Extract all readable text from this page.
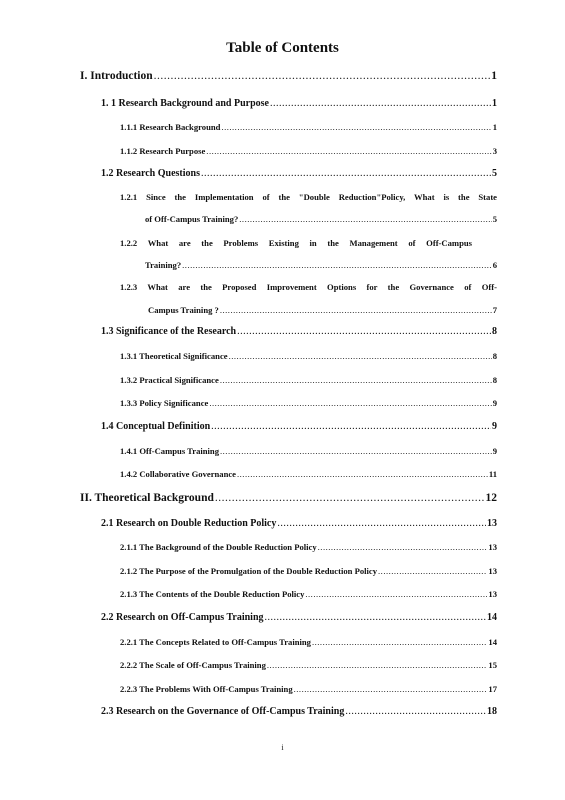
Table of Contents
I. Introduction .....	1
1. 1 Research Background and Purpose .....	1
1.1.1 Research Background .....	1
1.1.2 Research Purpose .....	3
1.2 Research Questions .....	5
1.2.1 Since the Implementation of the "Double Reduction"Policy, What is the State
of Off-Campus Training? .....	5
1.2.2 What are the Problems Existing in the Management of Off-Campus
Training? .....	6
1.2.3 What are the Proposed Improvement Options for the Governance of Off-
Campus Training ? .....	7
1.3 Significance of the Research .....	8
1.3.1 Theoretical Significance .....	8
1.3.2 Practical Significance .....	8
1.3.3 Policy Significance .....	9
1.4 Conceptual Definition .....	9
1.4.1 Off-Campus Training .....	9
1.4.2 Collaborative Governance .....	11
II. Theoretical Background .....	12
2.1 Research on Double Reduction Policy .....	13
2.1.1 The Background of the Double Reduction Policy .....	13
2.1.2 The Purpose of the Promulgation of the Double Reduction Policy .....	13
2.1.3 The Contents of the Double Reduction Policy .....	13
2.2 Research on Off-Campus Training .....	14
2.2.1 The Concepts Related to Off-Campus Training .....	14
2.2.2 The Scale of Off-Campus Training .....	15
2.2.3 The Problems With Off-Campus Training .....	17
2.3 Research on the Governance of Off-Campus Training .....	18
i
